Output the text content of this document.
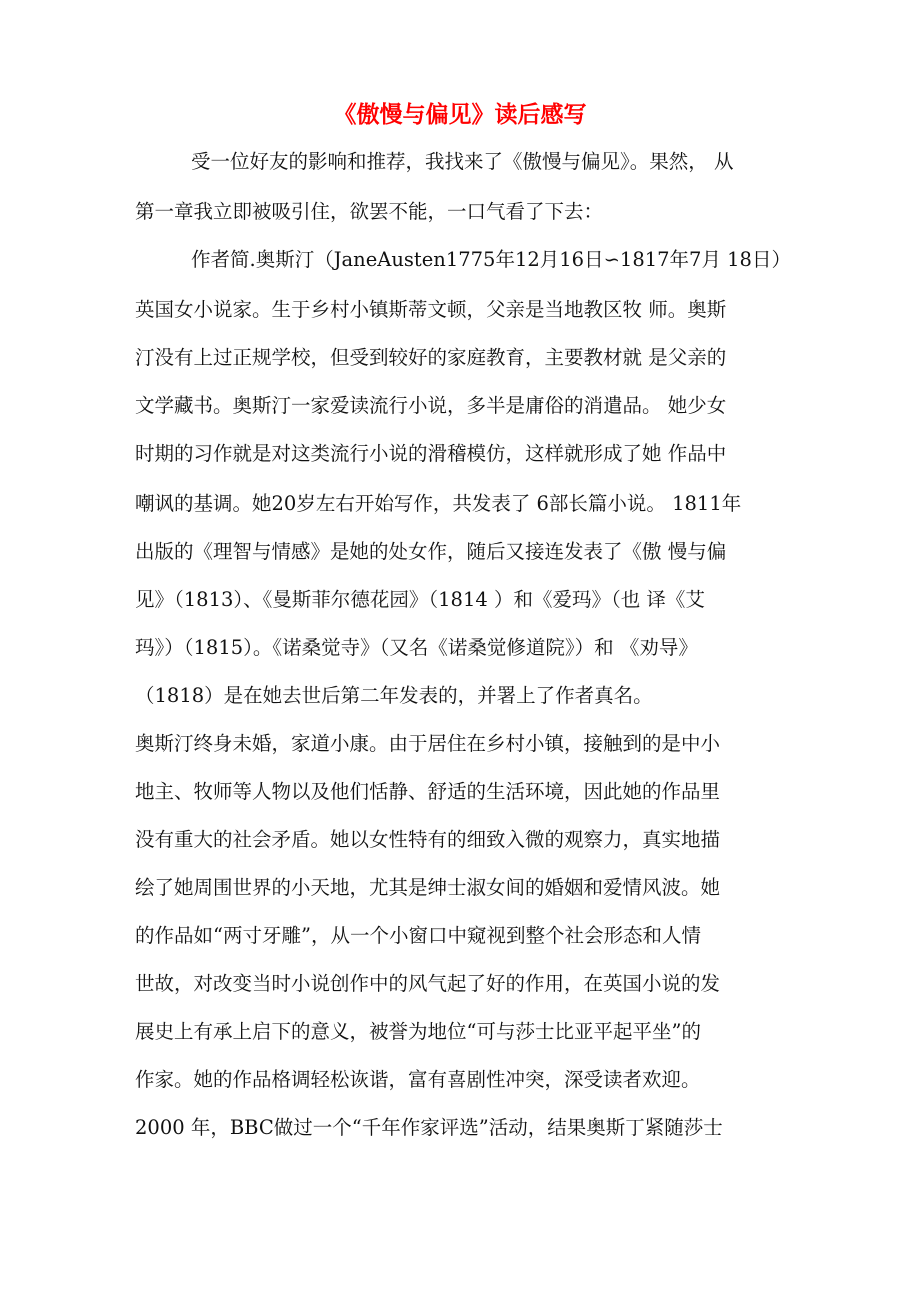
《傲慢与偏见》读后感写
受一位好友的影响和推荐，我找来了《傲慢与偏见》。果然， 从
第一章我立即被吸引住，欲罢不能，一口气看了下去：
作者简.奥斯汀（JaneAusten1775年12月16日∽1817年7月 18日）
英国女小说家。生于乡村小镇斯蒂文顿，父亲是当地教区牧 师。奥斯
汀没有上过正规学校，但受到较好的家庭教育，主要教材就 是父亲的
文学藏书。奥斯汀一家爱读流行小说，多半是庸俗的消遣品。 她少女
时期的习作就是对这类流行小说的滑稽模仿，这样就形成了她 作品中
嘲讽的基调。她20岁左右开始写作，共发表了 6部长篇小说。 1811年
出版的《理智与情感》是她的处女作，随后又接连发表了《傲 慢与偏
见》（1813）、《曼斯菲尔德花园》（1814 ）和《爱玛》（也 译《艾
玛》）（1815）。《诺桑觉寺》（又名《诺桑觉修道院》）和 《劝导》
（1818）是在她去世后第二年发表的，并署上了作者真名。
奥斯汀终身未婚，家道小康。由于居住在乡村小镇，接触到的是中小
地主、牧师等人物以及他们恬静、舒适的生活环境，因此她的作品里
没有重大的社会矛盾。她以女性特有的细致入微的观察力，真实地描
绘了她周围世界的小天地，尤其是绅士淑女间的婚姻和爱情风波。她
的作品如“两寸牙雕”，从一个小窗口中窥视到整个社会形态和人情
世故，对改变当时小说创作中的风气起了好的作用，在英国小说的发
展史上有承上启下的意义，被誉为地位“可与莎士比亚平起平坐”的
作家。她的作品格调轻松诙谐，富有喜剧性冲突，深受读者欢迎。
2000 年，BBC做过一个“千年作家评选”活动，结果奥斯丁紧随莎士
